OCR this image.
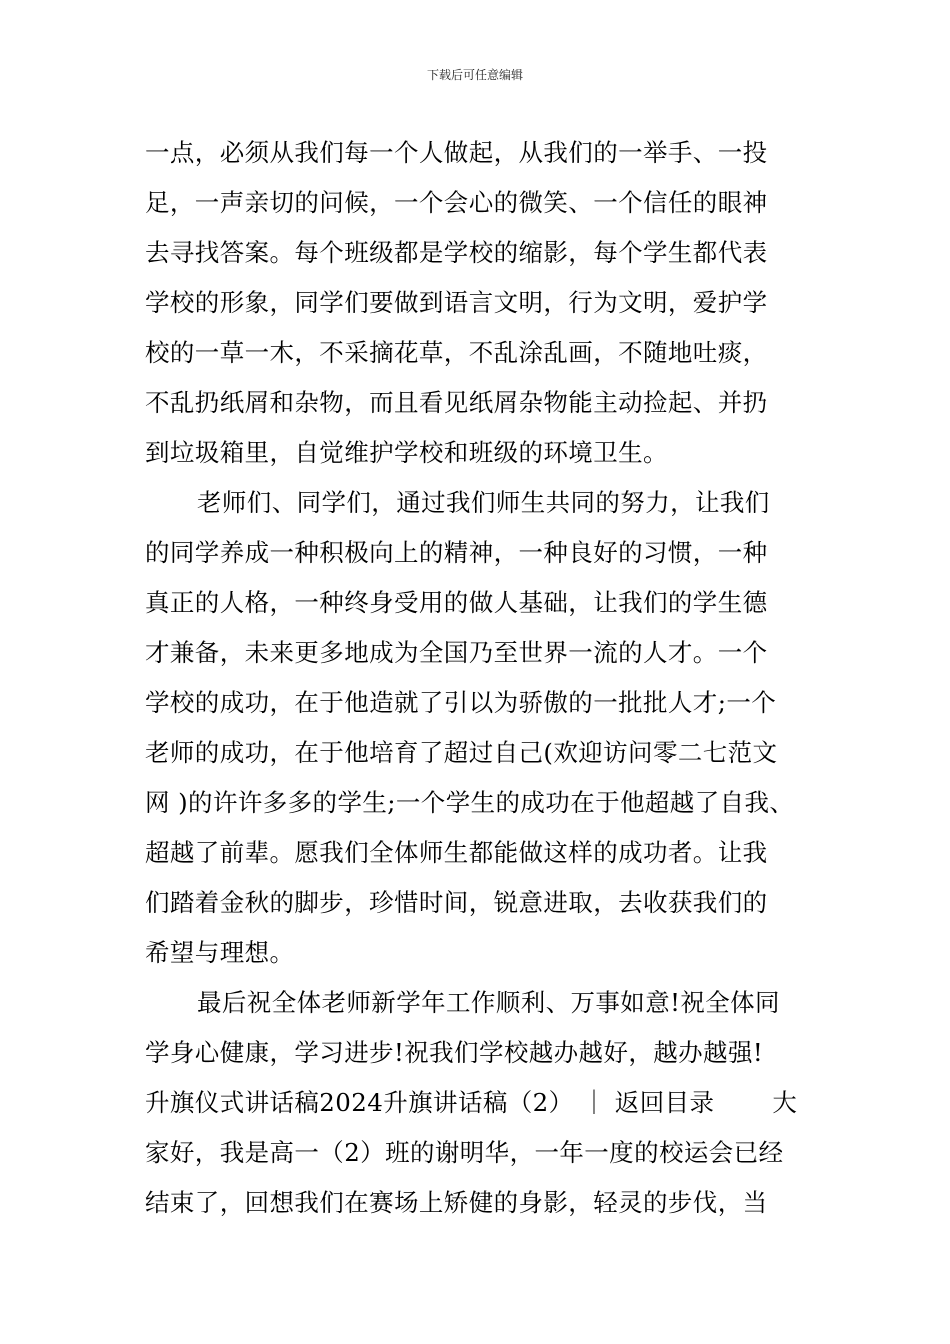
下载后可任意编辑
一点，必须从我们每一个人做起，从我们的一举手、一投
足，一声亲切的问候，一个会心的微笑、一个信任的眼神
去寻找答案。每个班级都是学校的缩影，每个学生都代表
学校的形象，同学们要做到语言文明，行为文明，爱护学
校的一草一木，不采摘花草，不乱涂乱画，不随地吐痰，
不乱扔纸屑和杂物，而且看见纸屑杂物能主动捡起、并扔
到垃圾箱里，自觉维护学校和班级的环境卫生。
老师们、同学们，通过我们师生共同的努力，让我们
的同学养成一种积极向上的精神，一种良好的习惯，一种
真正的人格，一种终身受用的做人基础，让我们的学生德
才兼备，未来更多地成为全国乃至世界一流的人才。一个
学校的成功，在于他造就了引以为骄傲的一批批人才;一个
老师的成功，在于他培育了超过自己(欢迎访问零二七范文
网 )的许许多多的学生;一个学生的成功在于他超越了自我、
超越了前辈。愿我们全体师生都能做这样的成功者。让我
们踏着金秋的脚步，珍惜时间，锐意进取，去收获我们的
希望与理想。
最后祝全体老师新学年工作顺利、万事如意!祝全体同
学身心健康，学习进步!祝我们学校越办越好，越办越强!
升旗仪式讲话稿2024升旗讲话稿（2） ｜ 返回目录　　 大
家好，我是高一（2）班的谢明华，一年一度的校运会已经
结束了，回想我们在赛场上矫健的身影，轻灵的步伐，当
